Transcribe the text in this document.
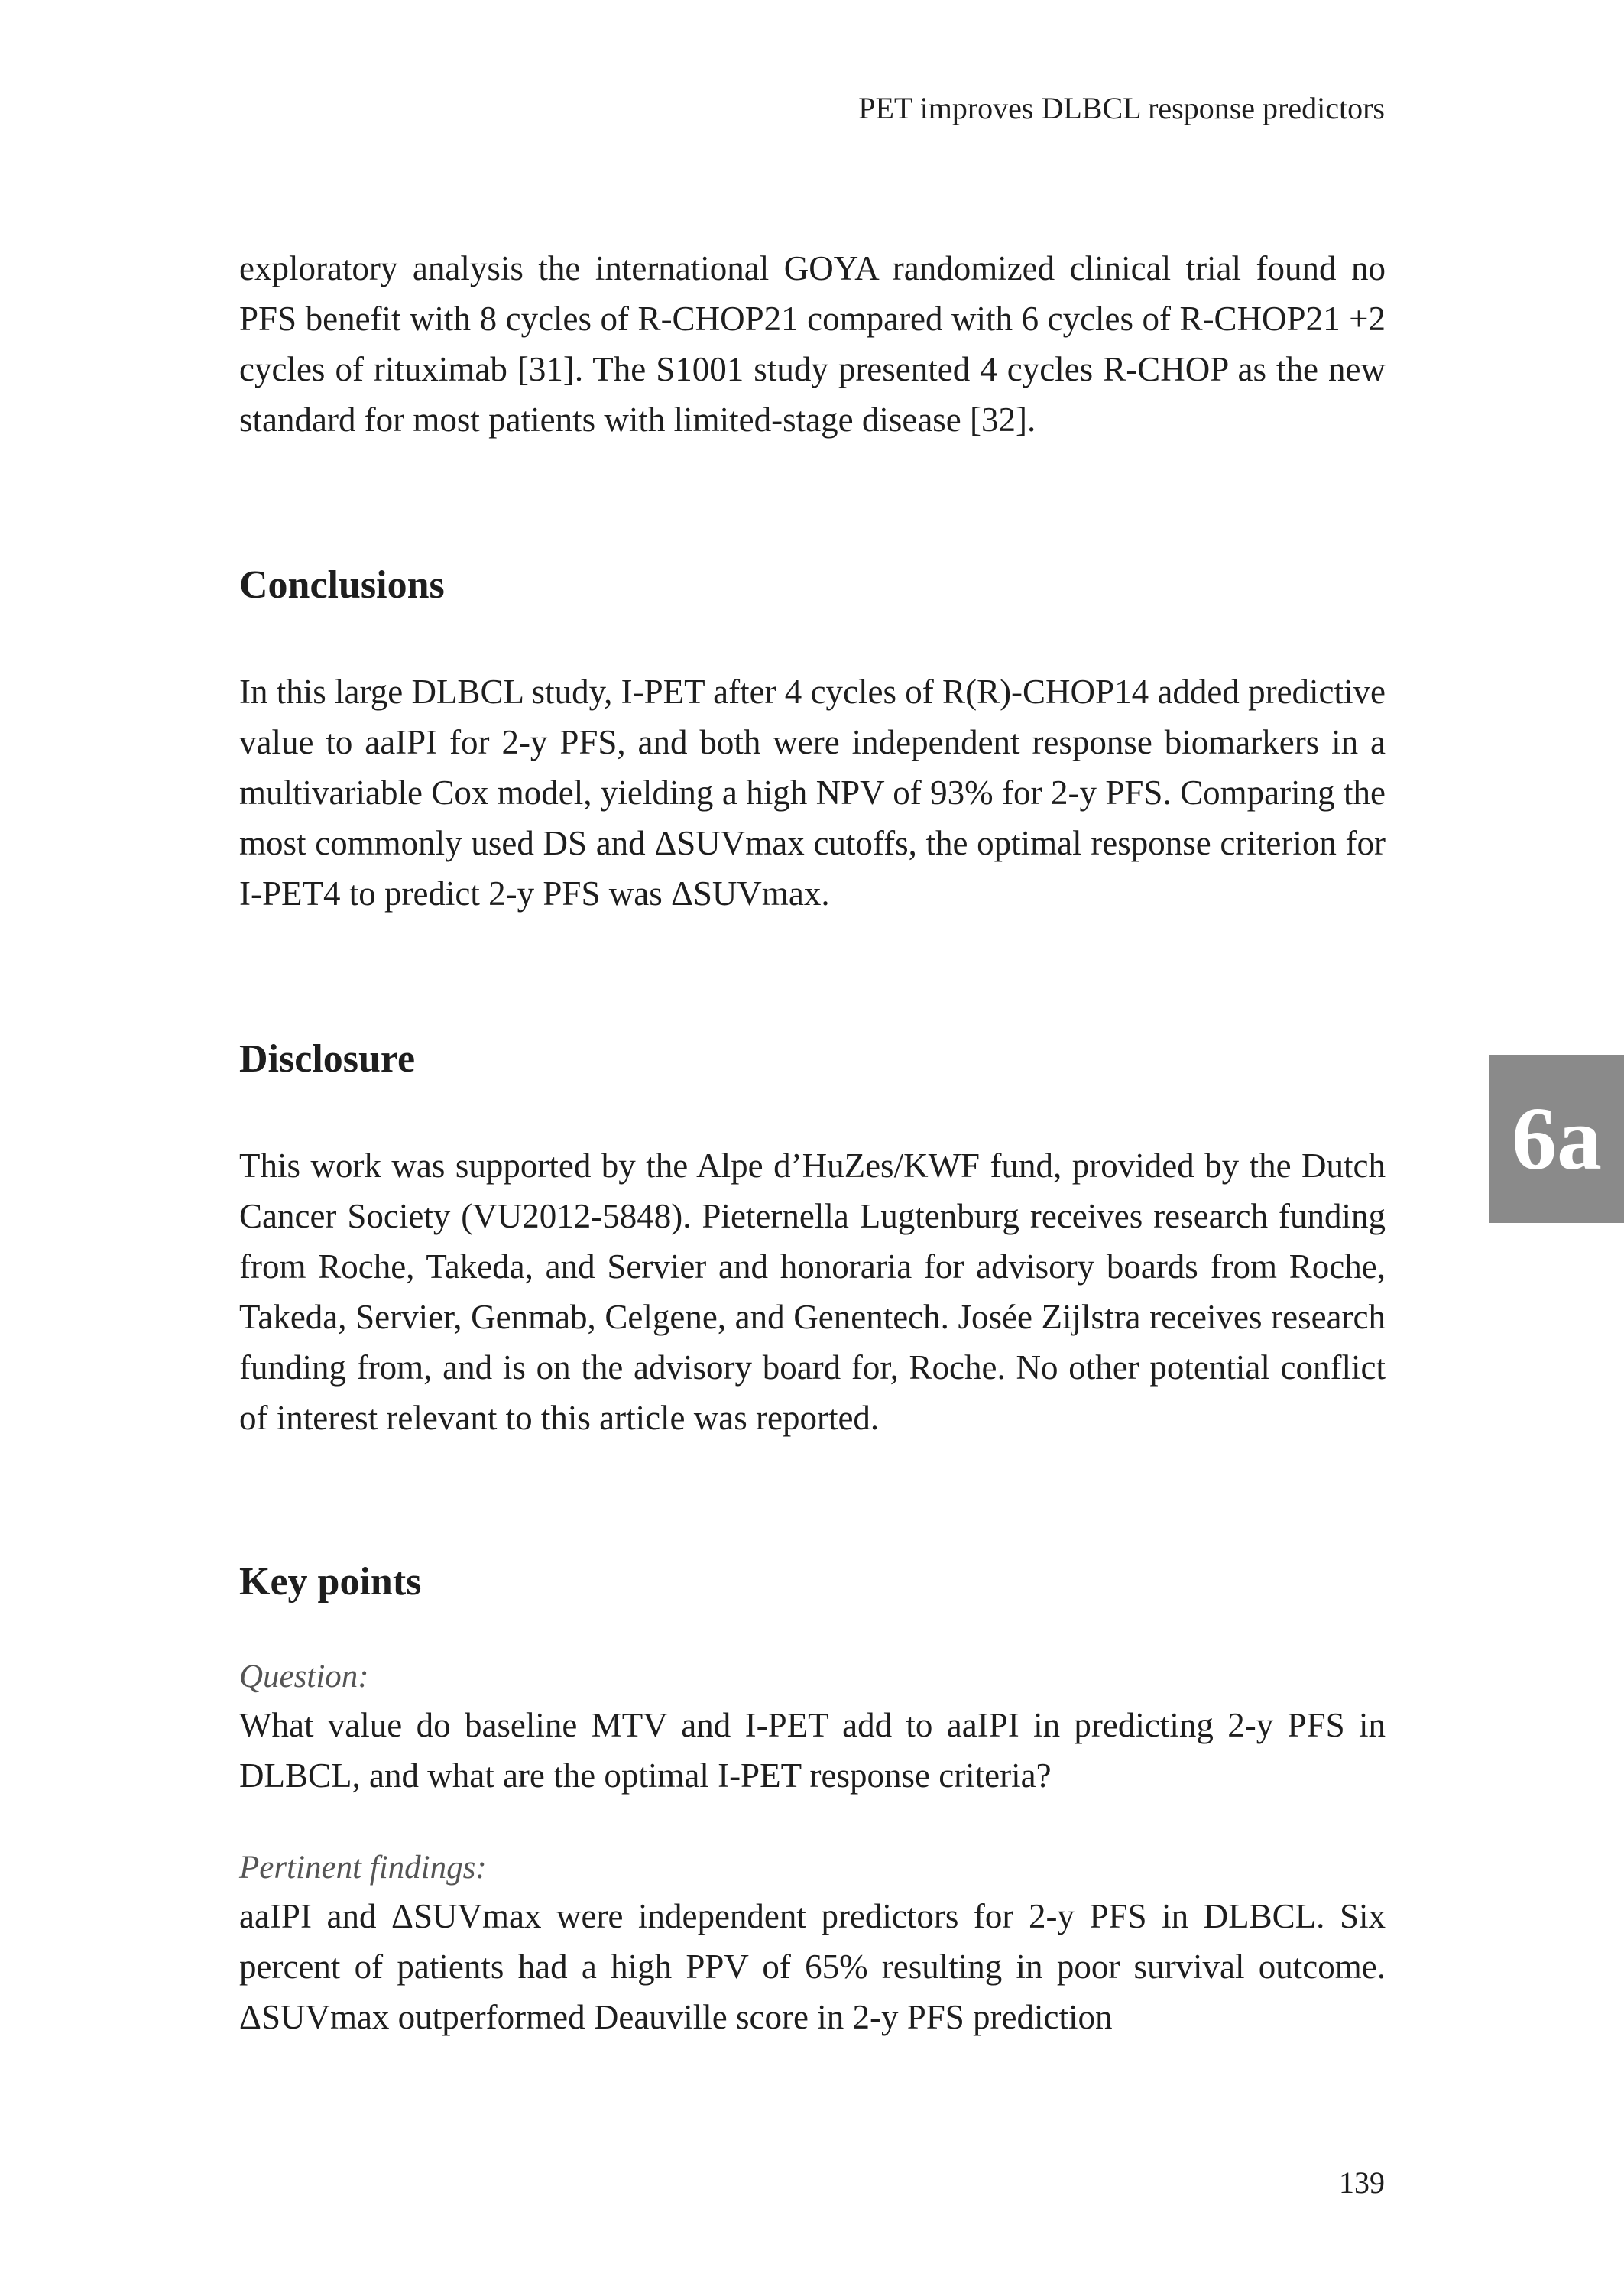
PET improves DLBCL response predictors

exploratory analysis the international GOYA randomized clinical trial found no PFS benefit with 8 cycles of R-CHOP21 compared with 6 cycles of R-CHOP21 +2 cycles of rituximab [31]. The S1001 study presented 4 cycles R-CHOP as the new standard for most patients with limited-stage disease [32].

Conclusions

In this large DLBCL study, I-PET after 4 cycles of R(R)-CHOP14 added predictive value to aaIPI for 2-y PFS, and both were independent response biomarkers in a multivariable Cox model, yielding a high NPV of 93% for 2-y PFS. Comparing the most commonly used DS and ΔSUVmax cutoffs, the optimal response criterion for I-PET4 to predict 2-y PFS was ΔSUVmax.

Disclosure

This work was supported by the Alpe d’HuZes/KWF fund, provided by the Dutch Cancer Society (VU2012-5848). Pieternella Lugtenburg receives research funding from Roche, Takeda, and Servier and honoraria for advisory boards from Roche, Takeda, Servier, Genmab, Celgene, and Genentech. Josée Zijlstra receives research funding from, and is on the advisory board for, Roche. No other potential conflict of interest relevant to this article was reported.

Key points

Question:

What value do baseline MTV and I-PET add to aaIPI in predicting 2-y PFS in DLBCL, and what are the optimal I-PET response criteria?

Pertinent findings:

aaIPI and ΔSUVmax were independent predictors for 2-y PFS in DLBCL. Six percent of patients had a high PPV of 65% resulting in poor survival outcome. ΔSUVmax outperformed Deauville score in 2-y PFS prediction

6a
139
